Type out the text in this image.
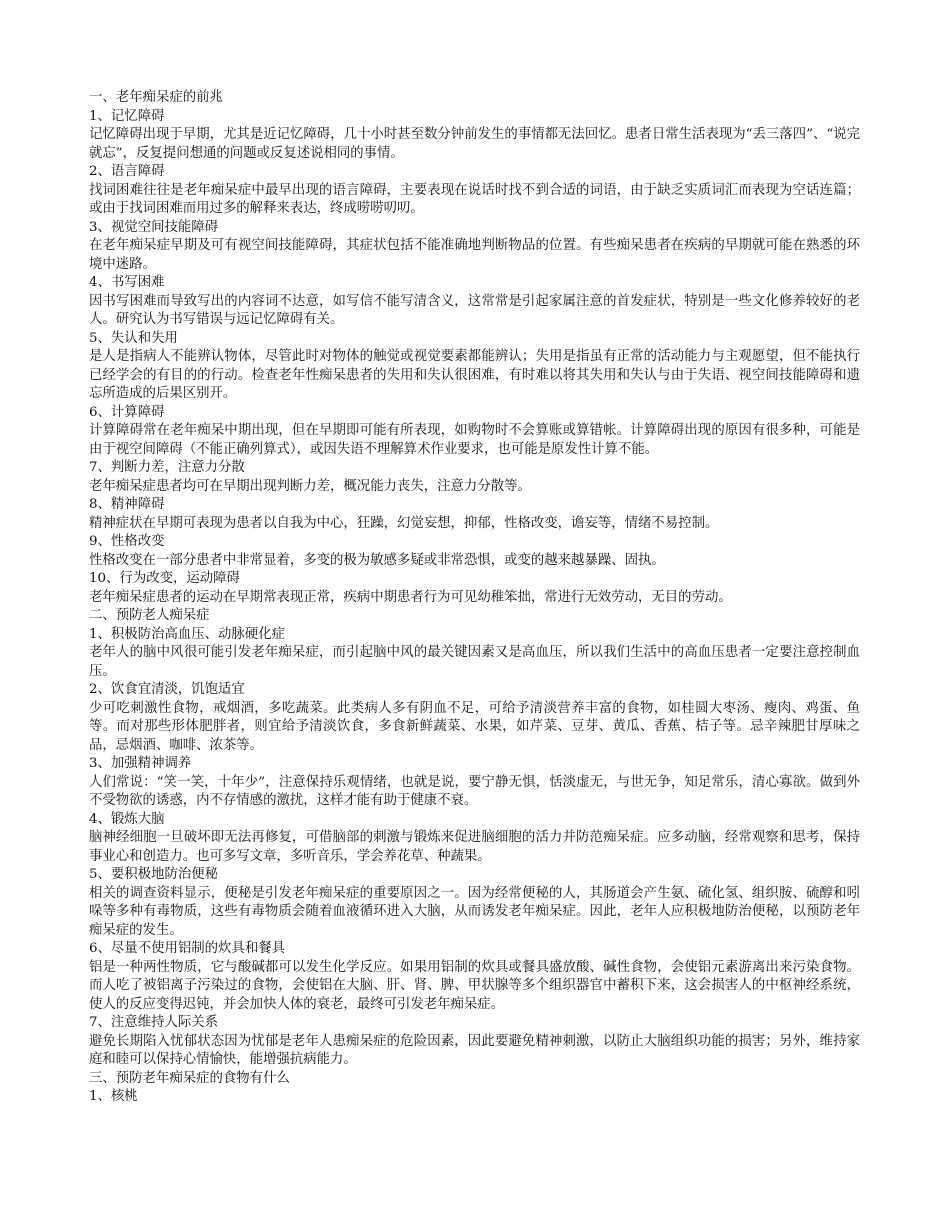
一、老年痴呆症的前兆
1、记忆障碍
记忆障碍出现于早期，尤其是近记忆障碍，几十小时甚至数分钟前发生的事情都无法回忆。患者日常生活表现为“丢三落四”、“说完就忘”，反复提问想通的问题或反复述说相同的事情。
2、语言障碍
找词困难往往是老年痴呆症中最早出现的语言障碍，主要表现在说话时找不到合适的词语，由于缺乏实质词汇而表现为空话连篇；或由于找词困难而用过多的解释来表达，终成唠唠叨叨。
3、视觉空间技能障碍
在老年痴呆症早期及可有视空间技能障碍，其症状包括不能准确地判断物品的位置。有些痴呆患者在疾病的早期就可能在熟悉的环境中迷路。
4、书写困难
因书写困难而导致写出的内容词不达意，如写信不能写清含义，这常常是引起家属注意的首发症状，特别是一些文化修养较好的老人。研究认为书写错误与远记忆障碍有关。
5、失认和失用
是人是指病人不能辨认物体，尽管此时对物体的触觉或视觉要素都能辨认；失用是指虽有正常的活动能力与主观愿望，但不能执行已经学会的有目的的行动。检查老年性痴呆患者的失用和失认很困难，有时难以将其失用和失认与由于失语、视空间技能障碍和遗忘所造成的后果区别开。
6、计算障碍
计算障碍常在老年痴呆中期出现，但在早期即可能有所表现，如购物时不会算账或算错帐。计算障碍出现的原因有很多种，可能是由于视空间障碍（不能正确列算式），或因失语不理解算术作业要求，也可能是原发性计算不能。
7、判断力差，注意力分散
老年痴呆症患者均可在早期出现判断力差，概况能力丧失，注意力分散等。
8、精神障碍
精神症状在早期可表现为患者以自我为中心，狂躁，幻觉妄想，抑郁，性格改变，谵妄等，情绪不易控制。
9、性格改变
性格改变在一部分患者中非常显着，多变的极为敏感多疑或非常恐惧，或变的越来越暴躁、固执。
10、行为改变，运动障碍
老年痴呆症患者的运动在早期常表现正常，疾病中期患者行为可见幼稚笨拙，常进行无效劳动，无目的劳动。
二、预防老人痴呆症
1、积极防治高血压、动脉硬化症
老年人的脑中风很可能引发老年痴呆症，而引起脑中风的最关键因素又是高血压，所以我们生活中的高血压患者一定要注意控制血压。
2、饮食宜清淡，饥饱适宜
少可吃刺激性食物，戒烟酒，多吃蔬菜。此类病人多有阴血不足，可给予清淡营养丰富的食物，如桂圆大枣汤、瘦肉、鸡蛋、鱼等。而对那些形体肥胖者，则宜给予清淡饮食，多食新鲜蔬菜、水果，如芹菜、豆芽、黄瓜、香蕉、桔子等。忌辛辣肥甘厚味之品，忌烟酒、咖啡、浓茶等。
3、加强精神调养
人们常说：“笑一笑，十年少”，注意保持乐观情绪，也就是说，要宁静无惧，恬淡虚无，与世无争，知足常乐，清心寡欲。做到外不受物欲的诱惑，内不存情感的激扰，这样才能有助于健康不衰。
4、锻炼大脑
脑神经细胞一旦破坏即无法再修复，可借脑部的刺激与锻炼来促进脑细胞的活力并防范痴呆症。应多动脑，经常观察和思考，保持事业心和创造力。也可多写文章，多听音乐，学会养花草、种蔬果。
5、要积极地防治便秘
相关的调查资料显示，便秘是引发老年痴呆症的重要原因之一。因为经常便秘的人，其肠道会产生氨、硫化氢、组织胺、硫醇和吲哚等多种有毒物质，这些有毒物质会随着血液循环进入大脑，从而诱发老年痴呆症。因此，老年人应积极地防治便秘，以预防老年痴呆症的发生。
6、尽量不使用铝制的炊具和餐具
铝是一种两性物质，它与酸碱都可以发生化学反应。如果用铝制的炊具或餐具盛放酸、碱性食物，会使铝元素游离出来污染食物。而人吃了被铝离子污染过的食物，会使铝在大脑、肝、肾、脾、甲状腺等多个组织器官中蓄积下来，这会损害人的中枢神经系统，使人的反应变得迟钝，并会加快人体的衰老，最终可引发老年痴呆症。
7、注意维持人际关系
避免长期陷入忧郁状态因为忧郁是老年人患痴呆症的危险因素，因此要避免精神刺激，以防止大脑组织功能的损害；另外，维持家庭和睦可以保持心情愉快，能增强抗病能力。
三、预防老年痴呆症的食物有什么
1、核桃
